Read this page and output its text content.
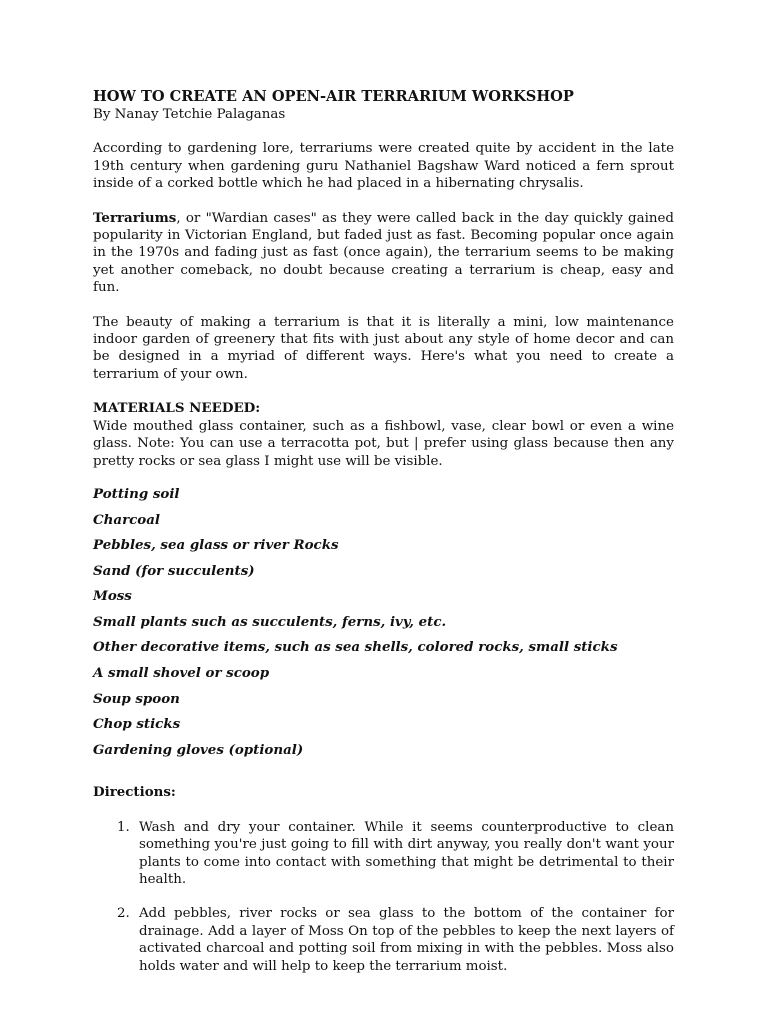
HOW TO CREATE AN OPEN-AIR TERRARIUM WORKSHOP

By Nanay Tetchie Palaganas

According to gardening lore, terrariums were created quite by accident in the late 19th century when gardening guru Nathaniel Bagshaw Ward noticed a fern sprout inside of a corked bottle which he had placed in a hibernating chrysalis.

Terrariums, or "Wardian cases" as they were called back in the day quickly gained popularity in Victorian England, but faded just as fast. Becoming popular once again in the 1970s and fading just as fast (once again), the terrarium seems to be making yet another comeback, no doubt because creating a terrarium is cheap, easy and fun.

The beauty of making a terrarium is that it is literally a mini, low maintenance indoor garden of greenery that fits with just about any style of home decor and can be designed in a myriad of different ways. Here's what you need to create a terrarium of your own.

MATERIALS NEEDED:

Wide mouthed glass container, such as a fishbowl, vase, clear bowl or even a wine glass. Note: You can use a terracotta pot, but | prefer using glass because then any pretty rocks or sea glass I might use will be visible.

Potting soil
Charcoal
Pebbles, sea glass or river Rocks
Sand (for succulents)
Moss
Small plants such as succulents, ferns, ivy, etc.
Other decorative items, such as sea shells, colored rocks, small sticks
A small shovel or scoop
Soup spoon
Chop sticks
Gardening gloves (optional)

Directions:

1. Wash and dry your container. While it seems counterproductive to clean something you're just going to fill with dirt anyway, you really don't want your plants to come into contact with something that might be detrimental to their health.
2. Add pebbles, river rocks or sea glass to the bottom of the container for drainage. Add a layer of Moss On top of the pebbles to keep the next layers of activated charcoal and potting soil from mixing in with the pebbles. Moss also holds water and will help to keep the terrarium moist.
